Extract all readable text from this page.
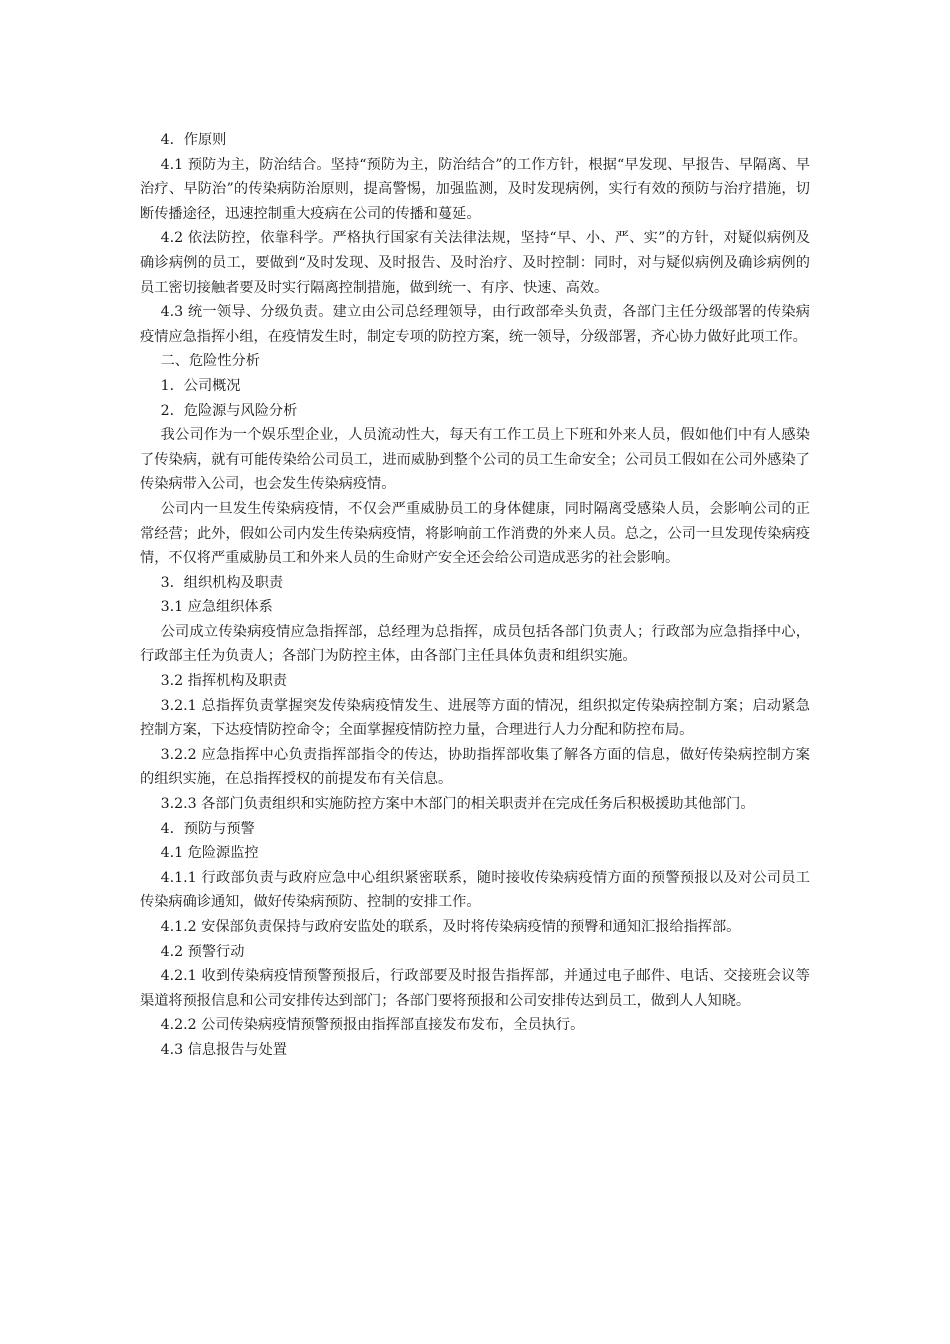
4．作原则

4.1 预防为主，防治结合。坚持“预防为主，防治结合”的工作方针，根据“早发现、早报告、早隔离、早治疗、早防治”的传染病防治原则，提高警惕，加强监测，及时发现病例，实行有效的预防与治疗措施，切断传播途径，迅速控制重大疫病在公司的传播和蔓延。

4.2 依法防控，依靠科学。严格执行国家有关法律法规，坚持“早、小、严、实”的方针，对疑似病例及确诊病例的员工，要做到“及时发现、及时报告、及时治疗、及时控制：同时，对与疑似病例及确诊病例的员工密切接触者要及时实行隔离控制措施，做到统一、有序、快速、高效。

4.3 统一领导、分级负责。建立由公司总经理领导，由行政部牵头负责，各部门主任分级部署的传染病疫情应急指挥小组，在疫情发生时，制定专项的防控方案，统一领导，分级部署，齐心协力做好此项工作。

二、危险性分析

1．公司概况

2．危险源与风险分析

我公司作为一个娱乐型企业，人员流动性大，每天有工作工员上下班和外来人员，假如他们中有人感染了传染病，就有可能传染给公司员工，进而威胁到整个公司的员工生命安全；公司员工假如在公司外感染了传染病带入公司，也会发生传染病疫情。

公司内一旦发生传染病疫情，不仅会严重威胁员工的身体健康，同时隔离受感染人员，会影响公司的正常经营；此外，假如公司内发生传染病疫情，将影响前工作消费的外来人员。总之，公司一旦发现传染病疫情，不仅将严重威胁员工和外来人员的生命财产安全还会给公司造成恶劣的社会影响。

3．组织机构及职责

3.1 应急组织体系

公司成立传染病疫情应急指挥部，总经理为总指挥，成员包括各部门负责人；行政部为应急指择中心，行政部主任为负责人；各部门为防控主体，由各部门主任具体负责和组织实施。

3.2 指挥机构及职责

3.2.1 总指挥负责掌握突发传染病疫情发生、进展等方面的情况，组织拟定传染病控制方案；启动紧急控制方案，下达疫情防控命令；全面掌握疫情防控力量，合理进行人力分配和防控布局。

3.2.2 应急指挥中心负责指挥部指令的传达，协助指挥部收集了解各方面的信息，做好传染病控制方案的组织实施，在总指挥授权的前提发布有关信息。

3.2.3 各部门负责组织和实施防控方案中木部门的相关职责并在完成任务后积极援助其他部门。

4．预防与预警

4.1 危险源监控

4.1.1 行政部负责与政府应急中心组织紧密联系，随时接收传染病疫情方面的预警预报以及对公司员工传染病确诊通知，做好传染病预防、控制的安排工作。

4.1.2 安保部负责保持与政府安监处的联系，及时将传染病疫情的预臀和通知汇报给指挥部。

4.2 预警行动

4.2.1 收到传染病疫情预警预报后，行政部要及时报告指挥部，并通过电子邮件、电话、交接班会议等渠道将预报信息和公司安排传达到部门；各部门要将预报和公司安排传达到员工，做到人人知晓。

4.2.2 公司传染病疫情预警预报由指挥部直接发布发布，全员执行。

4.3 信息报告与处置
